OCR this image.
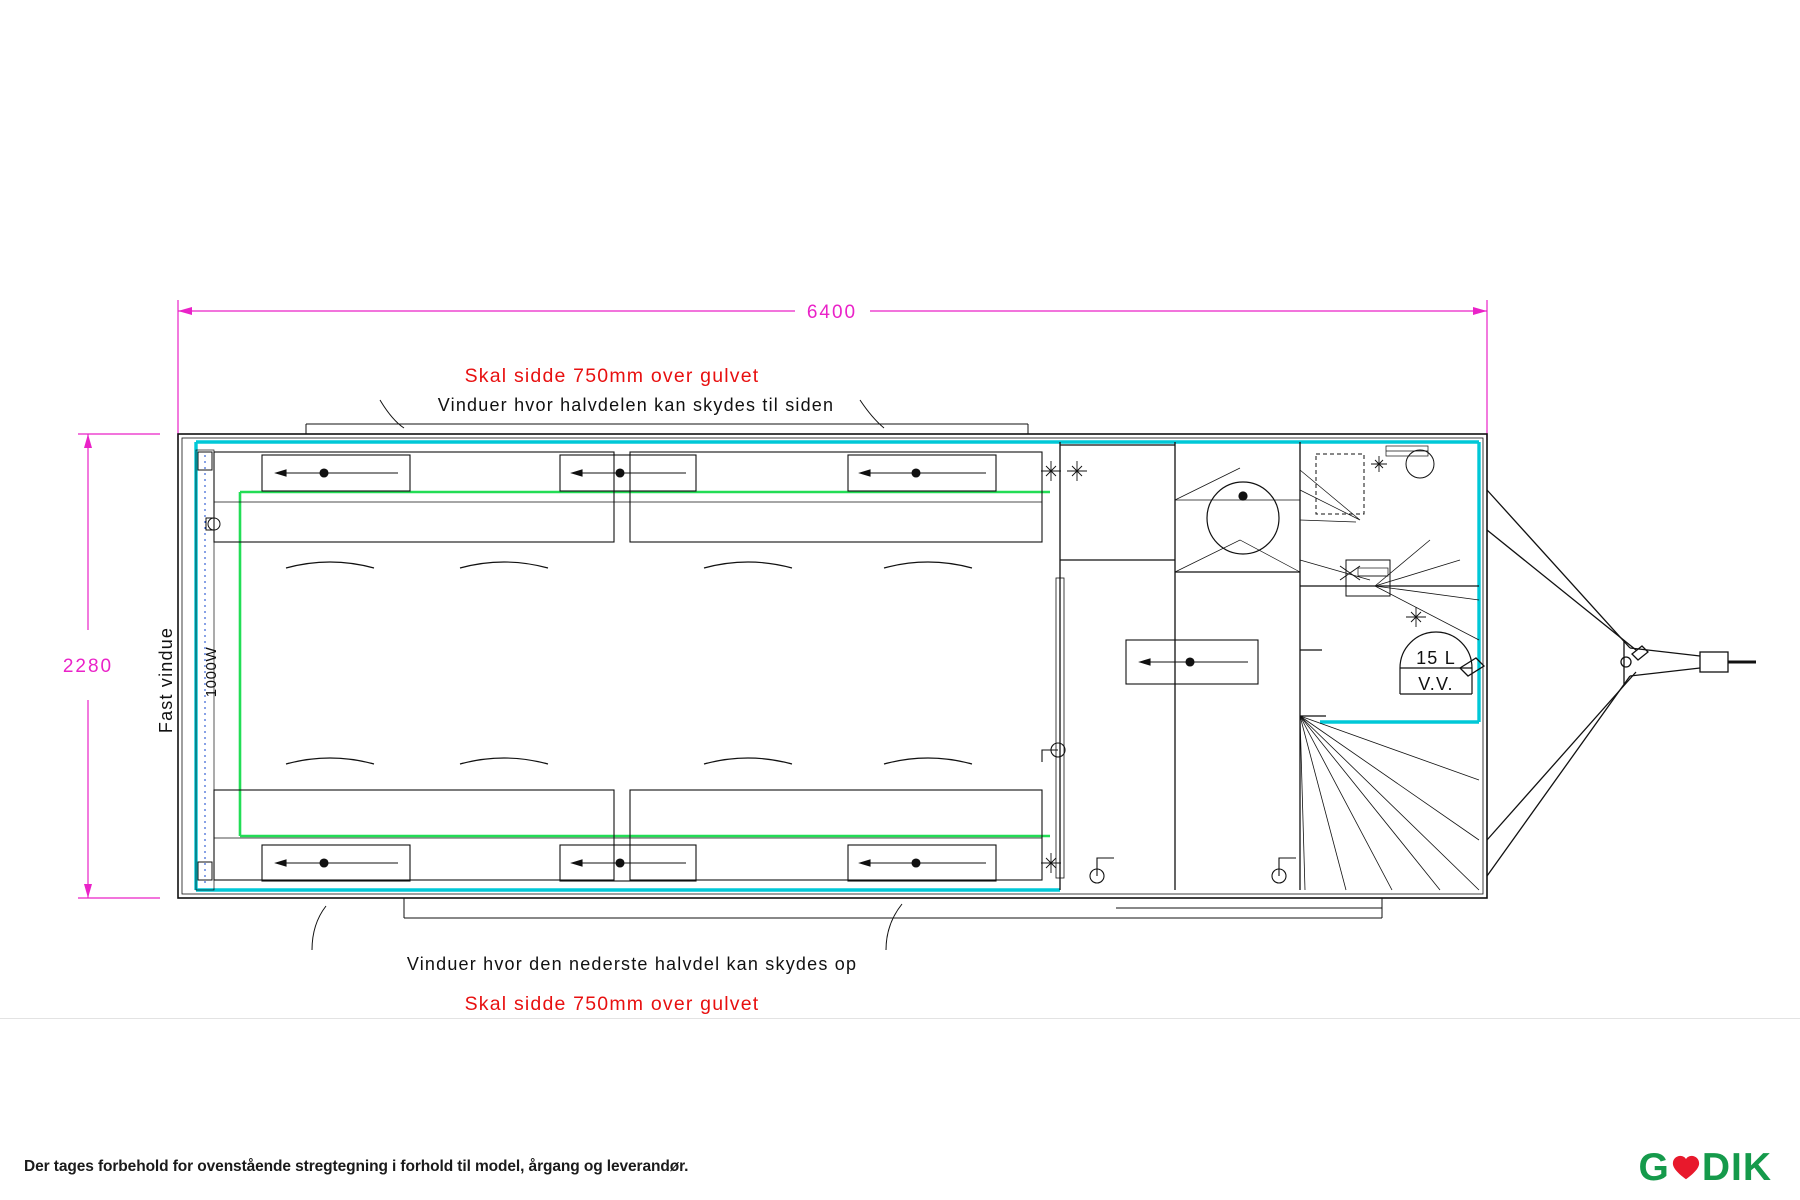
6400
2280
Skal sidde 750mm over gulvet
Vinduer hvor halvdelen kan skydes til siden
Vinduer hvor den nederste halvdel kan skydes op
Skal sidde 750mm over gulvet
Fast vindue 1000W	15 L
V.V.
Der tages forbehold for ovenstående stregtegning i forhold til model, årgang og leverandør.	G DIK
